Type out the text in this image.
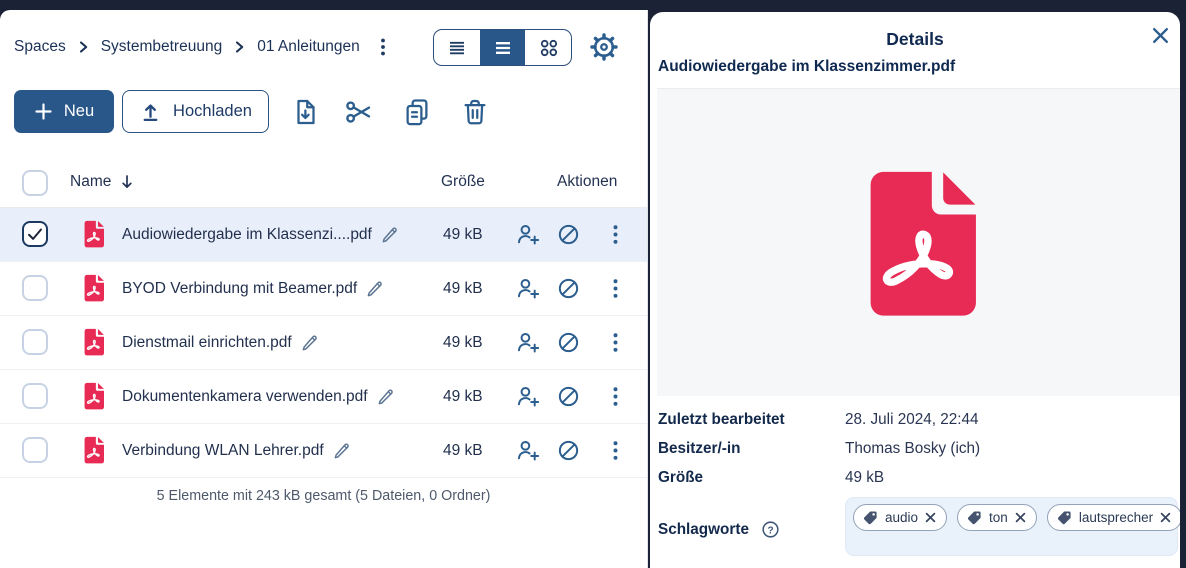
Spaces Systembetreuung 01 Anleitungen
Neu	Hochladen
Name	Größe	Aktionen
Audiowiedergabe im Klassenzi....pdf	49 kB
BYOD Verbindung mit Beamer.pdf	49 kB
Dienstmail einrichten.pdf	49 kB
Dokumentenkamera verwenden.pdf	49 kB
Verbindung WLAN Lehrer.pdf	49 kB
5 Elemente mit 243 kB gesamt (5 Dateien, 0 Ordner)
Details
Audiowiedergabe im Klassenzimmer.pdf
Zuletzt bearbeitet	28. Juli 2024, 22:44
Besitzer/-in	Thomas Bosky (ich)
Größe	49 kB
Schlagworte ?
audio	ton	lautsprecher
